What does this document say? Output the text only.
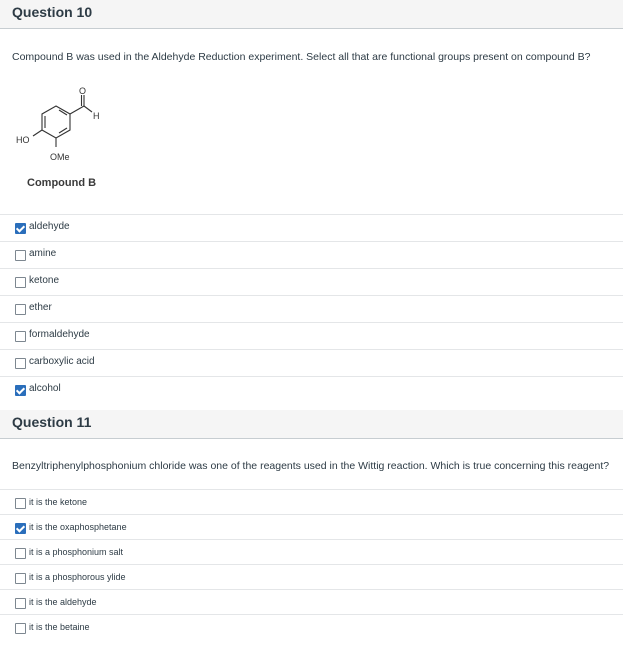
Question 10
Compound B was used in the Aldehyde Reduction experiment. Select all that are functional groups present on compound B?
O
H
HO
OMe
Compound B
aldehyde
amine
ketone
ether
formaldehyde
carboxylic acid
alcohol
Question 11
Benzyltriphenylphosphonium chloride was one of the reagents used in the Wittig reaction. Which is true concerning this reagent?
it is the ketone
it is the oxaphosphetane
it is a phosphonium salt
it is a phosphorous ylide
it is the aldehyde
it is the betaine
